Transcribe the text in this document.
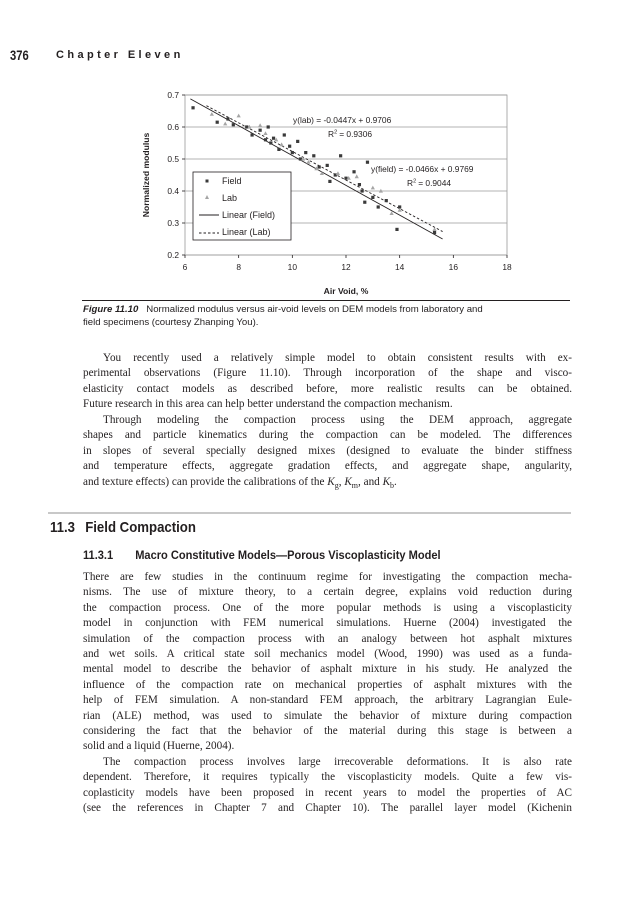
376 Chapter Eleven
0.2
0.3
0.4
0.5
0.6
0.7
6	8	10	12	14	16	18
y(lab) = -0.0447x + 0.9706
$R^2 = 0.9306$
y(field) = -0.0466x + 0.9769
$R^2 = 0.9044$
Field
Lab
Linear (Field)
Linear (Lab)
Air Void, %
Normalized modulus
Figure 11.10 Normalized modulus versus air-void levels on DEM models from laboratory and
field specimens (courtesy Zhanping You).
You recently used a relatively simple model to obtain consistent results with ex-
perimental observations (Figure 11.10). Through incorporation of the shape and visco-
elasticity contact models as described before, more realistic results can be obtained.
Future research in this area can help better understand the compaction mechanism.
Through modeling the compaction process using the DEM approach, aggregate
shapes and particle kinematics during the compaction can be modeled. The differences
in slopes of several specially designed mixes (designed to evaluate the binder stiffness
and temperature effects, aggregate gradation effects, and aggregate shape, angularity,
and texture effects) can provide the calibrations of the $K_g$, $K_m$, and $K_b$.
11.3 Field Compaction
11.3.1 Macro Constitutive Models—Porous Viscoplasticity Model
There are few studies in the continuum regime for investigating the compaction mecha-
nisms. The use of mixture theory, to a certain degree, explains void reduction during
the compaction process. One of the more popular methods is using a viscoplasticity
model in conjunction with FEM numerical simulations. Huerne (2004) investigated the
simulation of the compaction process with an analogy between hot asphalt mixtures
and wet soils. A critical state soil mechanics model (Wood, 1990) was used as a funda-
mental model to describe the behavior of asphalt mixture in his study. He analyzed the
influence of the compaction rate on mechanical properties of asphalt mixtures with the
help of FEM simulation. A non-standard FEM approach, the arbitrary Lagrangian Eule-
rian (ALE) method, was used to simulate the behavior of mixture during compaction
considering the fact that the behavior of the material during this stage is between a
solid and a liquid (Huerne, 2004).
The compaction process involves large irrecoverable deformations. It is also rate
dependent. Therefore, it requires typically the viscoplasticity models. Quite a few vis-
coplasticity models have been proposed in recent years to model the properties of AC
(see the references in Chapter 7 and Chapter 10). The parallel layer model (Kichenin
